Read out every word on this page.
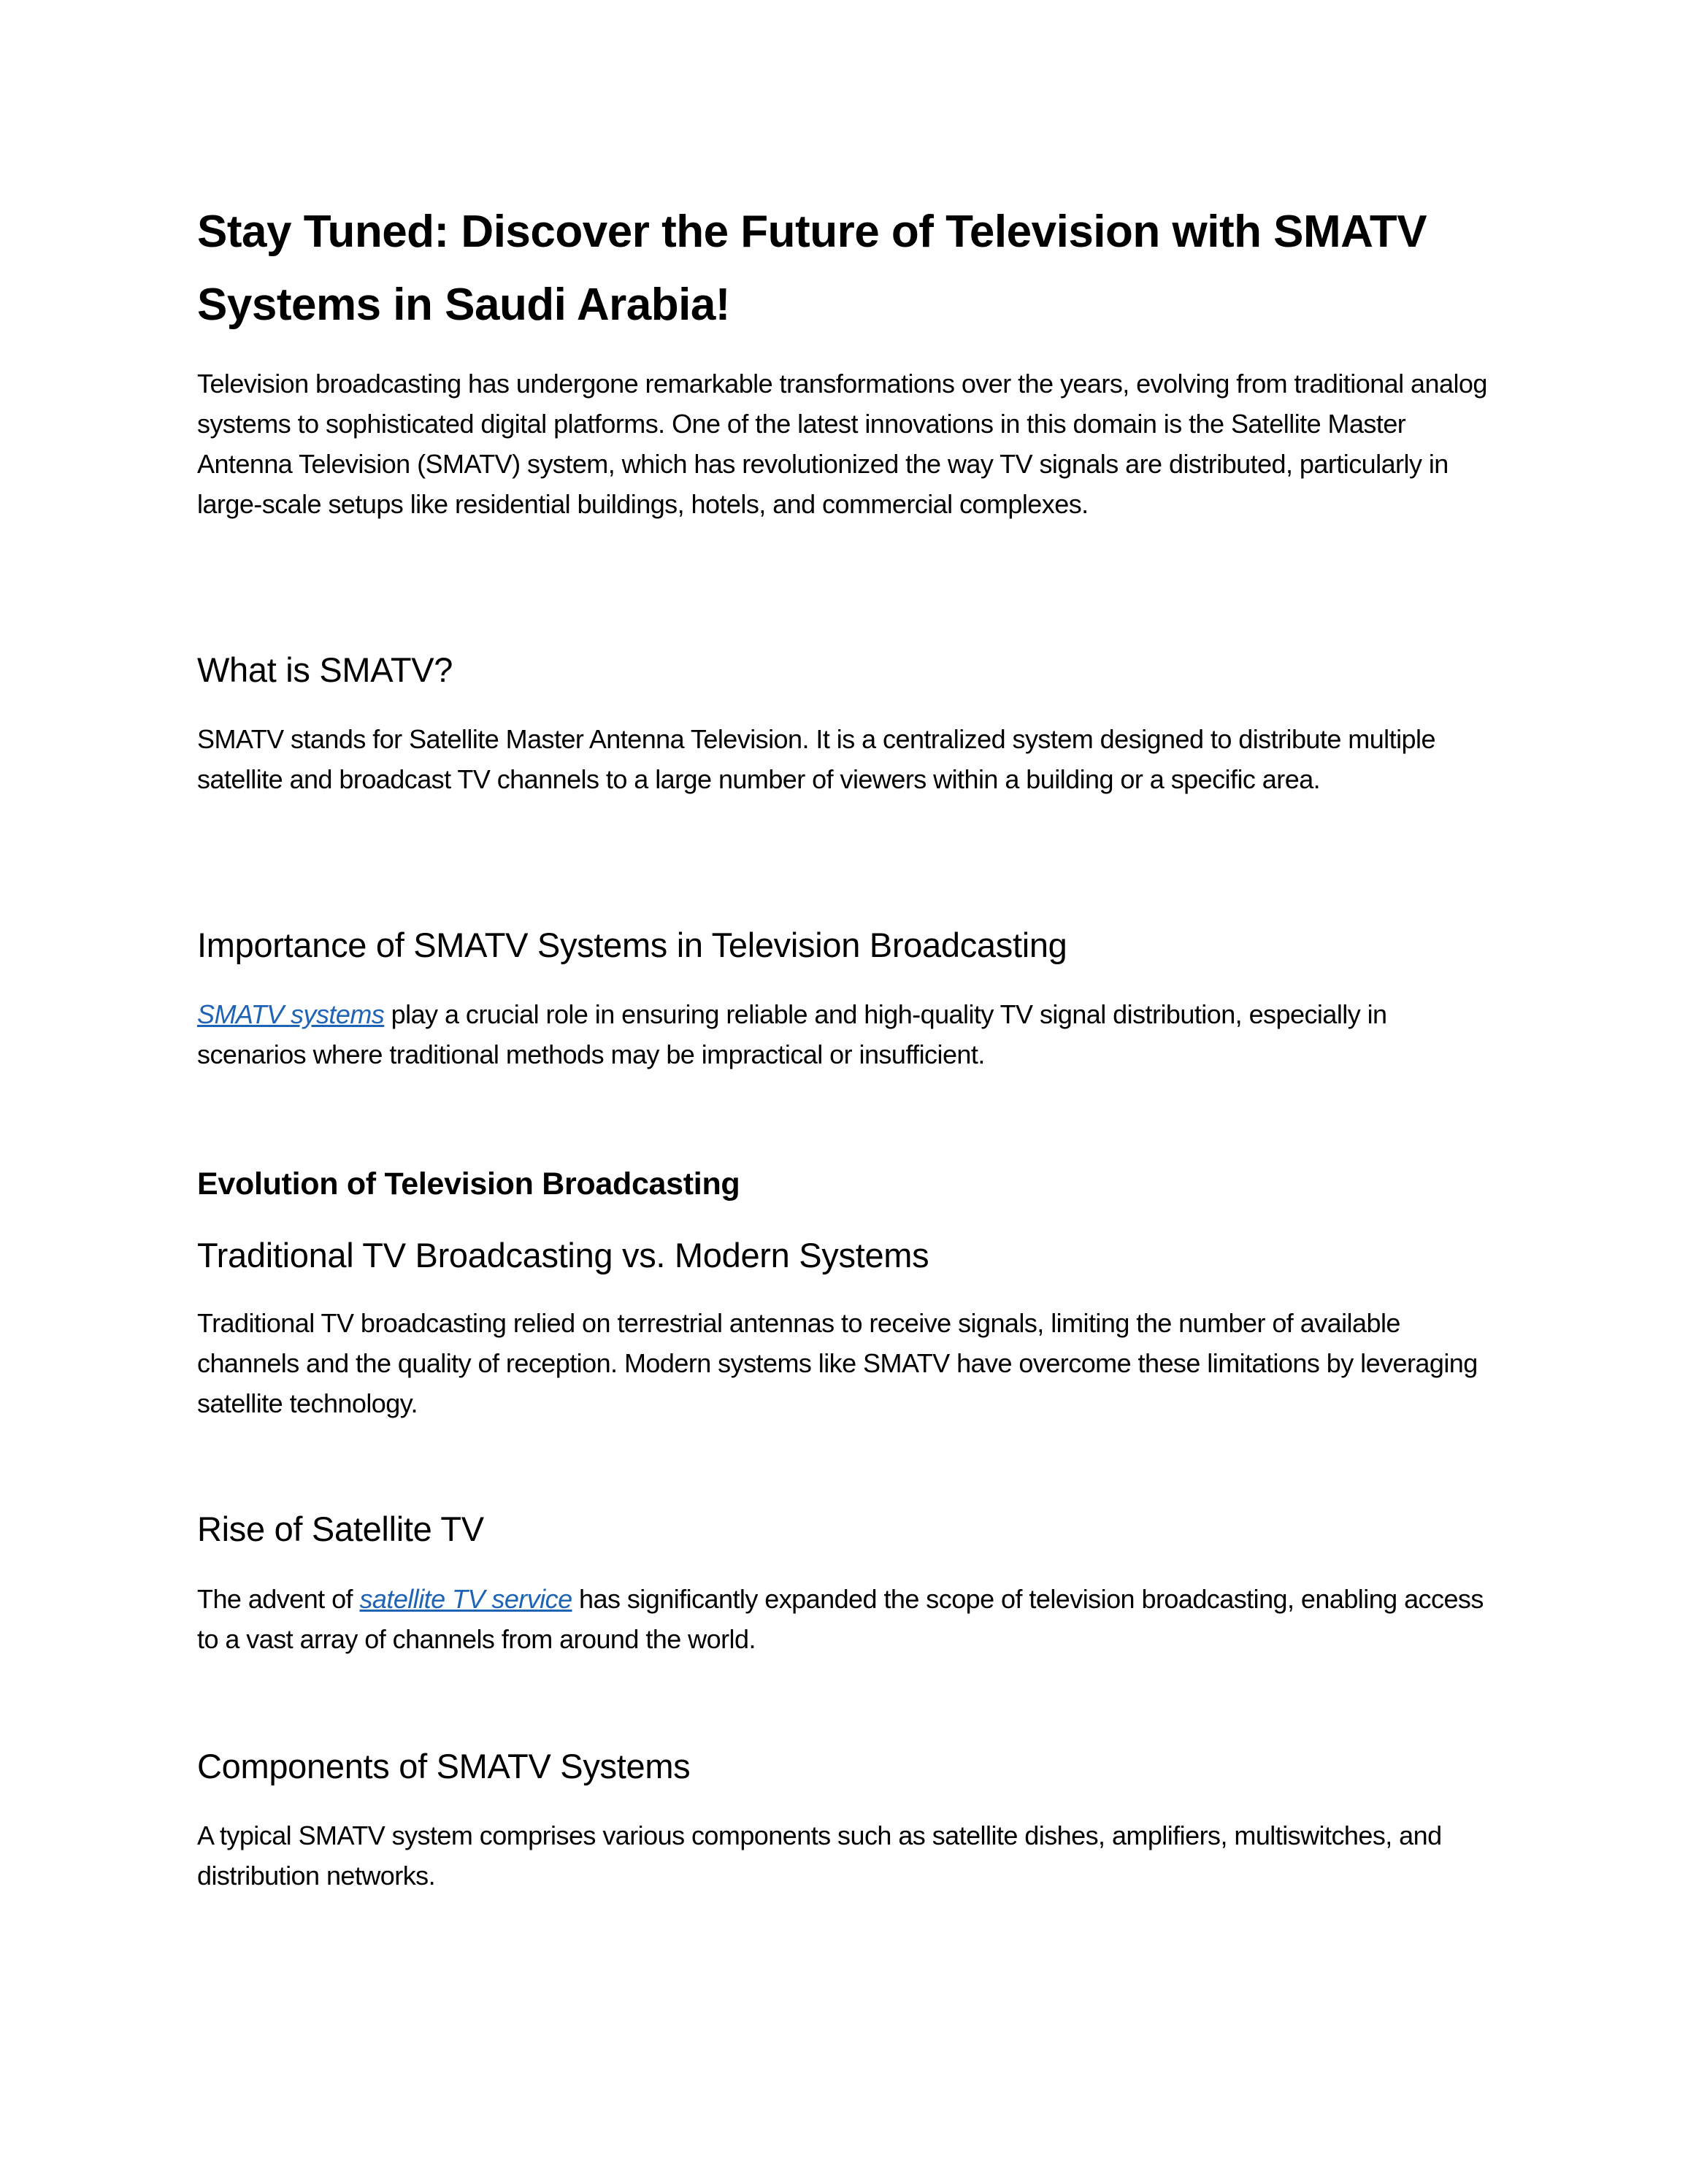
Stay Tuned: Discover the Future of Television with SMATV Systems in Saudi Arabia!

Television broadcasting has undergone remarkable transformations over the years, evolving from traditional analog systems to sophisticated digital platforms. One of the latest innovations in this domain is the Satellite Master Antenna Television (SMATV) system, which has revolutionized the way TV signals are distributed, particularly in large-scale setups like residential buildings, hotels, and commercial complexes.

What is SMATV?

SMATV stands for Satellite Master Antenna Television. It is a centralized system designed to distribute multiple satellite and broadcast TV channels to a large number of viewers within a building or a specific area.

Importance of SMATV Systems in Television Broadcasting

SMATV systems play a crucial role in ensuring reliable and high-quality TV signal distribution, especially in scenarios where traditional methods may be impractical or insufficient.

Evolution of Television Broadcasting
Traditional TV Broadcasting vs. Modern Systems

Traditional TV broadcasting relied on terrestrial antennas to receive signals, limiting the number of available channels and the quality of reception. Modern systems like SMATV have overcome these limitations by leveraging satellite technology.

Rise of Satellite TV

The advent of satellite TV service has significantly expanded the scope of television broadcasting, enabling access to a vast array of channels from around the world.

Components of SMATV Systems

A typical SMATV system comprises various components such as satellite dishes, amplifiers, multiswitches, and distribution networks.
